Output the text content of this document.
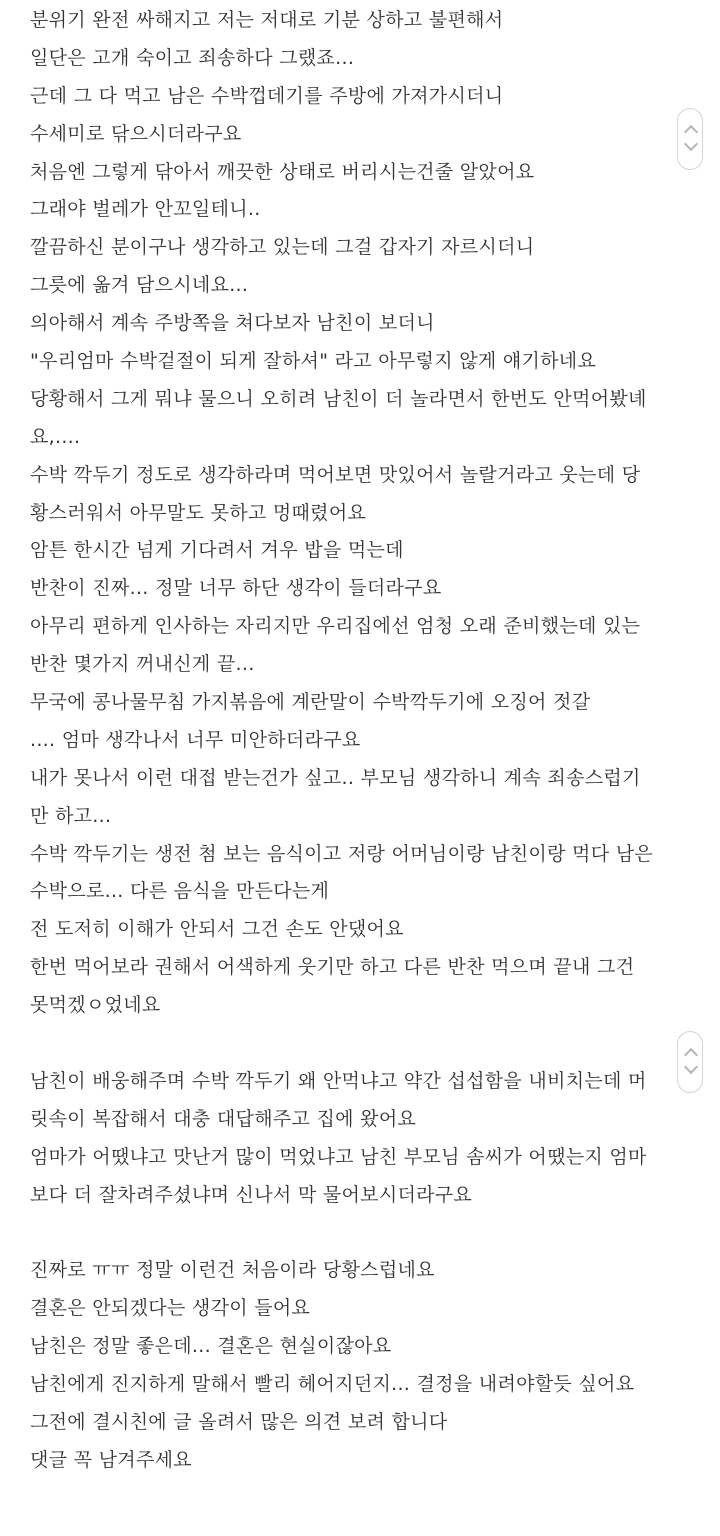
분위기 완전 싸해지고 저는 저대로 기분 상하고 불편해서
일단은 고개 숙이고 죄송하다 그랬죠...
근데 그 다 먹고 남은 수박껍데기를 주방에 가져가시더니
수세미로 닦으시더라구요
처음엔 그렇게 닦아서 깨끗한 상태로 버리시는건줄 알았어요
그래야 벌레가 안꼬일테니..
깔끔하신 분이구나 생각하고 있는데 그걸 갑자기 자르시더니
그릇에 옮겨 담으시네요...
의아해서 계속 주방쪽을 쳐다보자 남친이 보더니
"우리엄마 수박겉절이 되게 잘하셔" 라고 아무렇지 않게 얘기하네요
당황해서 그게 뭐냐 물으니 오히려 남친이 더 놀라면서 한번도 안먹어봤녜
요,....
수박 깍두기 정도로 생각하라며 먹어보면 맛있어서 놀랄거라고 웃는데 당
황스러워서 아무말도 못하고 멍때렸어요
암튼 한시간 넘게 기다려서 겨우 밥을 먹는데
반찬이 진짜... 정말 너무 하단 생각이 들더라구요
아무리 편하게 인사하는 자리지만 우리집에선 엄청 오래 준비했는데 있는
반찬 몇가지 꺼내신게 끝...
무국에 콩나물무침 가지볶음에 계란말이 수박깍두기에 오징어 젓갈
.... 엄마 생각나서 너무 미안하더라구요
내가 못나서 이런 대접 받는건가 싶고.. 부모님 생각하니 계속 죄송스럽기
만 하고...
수박 깍두기는 생전 첨 보는 음식이고 저랑 어머님이랑 남친이랑 먹다 남은
수박으로... 다른 음식을 만든다는게
전 도저히 이해가 안되서 그건 손도 안댔어요
한번 먹어보라 권해서 어색하게 웃기만 하고 다른 반찬 먹으며 끝내 그건
못먹겠ㅇ었네요
남친이 배웅해주며 수박 깍두기 왜 안먹냐고 약간 섭섭함을 내비치는데 머
릿속이 복잡해서 대충 대답해주고 집에 왔어요
엄마가 어땠냐고 맛난거 많이 먹었냐고 남친 부모님 솜씨가 어땠는지 엄마
보다 더 잘차려주셨냐며 신나서 막 물어보시더라구요
진짜로 ㅠㅠ 정말 이런건 처음이라 당황스럽네요
결혼은 안되겠다는 생각이 들어요
남친은 정말 좋은데... 결혼은 현실이잖아요
남친에게 진지하게 말해서 빨리 헤어지던지... 결정을 내려야할듯 싶어요
그전에 결시친에 글 올려서 많은 의견 보려 합니다
댓글 꼭 남겨주세요
